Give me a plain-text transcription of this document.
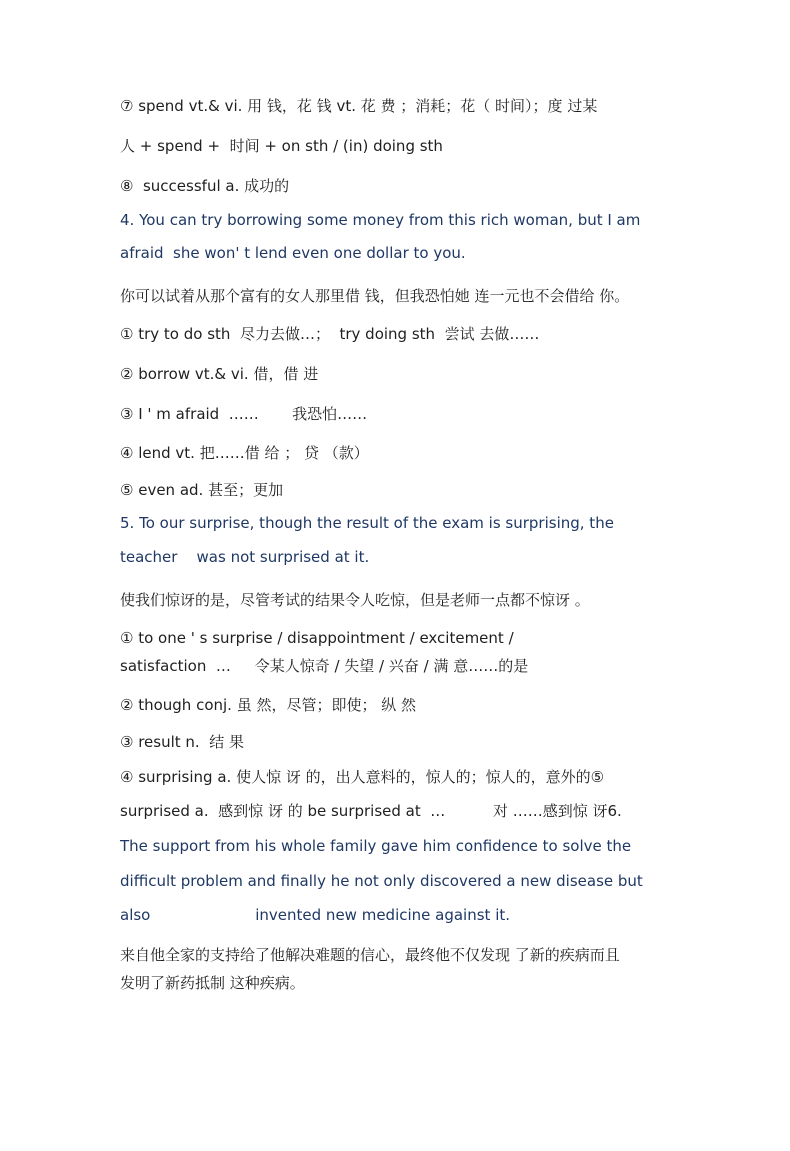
⑦ spend vt.& vi. 用 钱，花 钱 vt. 花 费 ；消耗；花（ 时间）；度 过某
人 + spend +  时间 + on sth / (in) doing sth
⑧  successful a. 成功的
4. You can try borrowing some money from this rich woman, but I am
afraid  she won' t lend even one dollar to you.
你可以试着从那个富有的女人那里借 钱，但我恐怕她 连一元也不会借给 你。
① try to do sth  尽力去做…；  try doing sth  尝试 去做……
② borrow vt.& vi. 借，借 进
③ I ' m afraid  ……       我恐怕……
④ lend vt. 把……借 给 ； 贷 （款）
⑤ even ad. 甚至；更加
5. To our surprise, though the result of the exam is surprising, the
teacher    was not surprised at it.
使我们惊讶的是，尽管考试的结果令人吃惊，但是老师一点都不惊讶 。
① to one ' s surprise / disappointment / excitement /
satisfaction  …     令某人惊奇 / 失望 / 兴奋 / 满 意……的是
② though conj. 虽 然，尽管；即使； 纵 然
③ result n.  结 果
④ surprising a. 使人惊 讶 的，出人意料的，惊人的；惊人的，意外的⑤
surprised a.  感到惊 讶 的 be surprised at  …          对 ……感到惊 讶6.
The support from his whole family gave him confidence to solve the
difficult problem and finally he not only discovered a new disease but
also                      invented new medicine against it.
来自他全家的支持给了他解决难题的信心，最终他不仅发现 了新的疾病而且
发明了新药抵制 这种疾病。
